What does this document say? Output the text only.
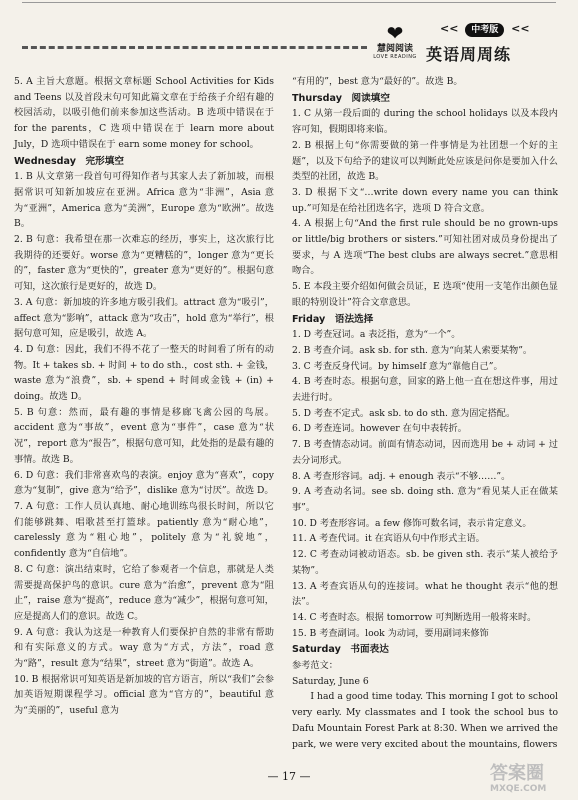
❤
慧阅阅读
LOVE READING
<< 中考版 <<
英语周周练

5. A 主旨大意题。根据文章标题 School Activities for Kids and Teens 以及首段末句可知此篇文章在于给孩子介绍有趣的校园活动，以吸引他们前来参加这些活动。B 选项中错误在于 for the parents，C 选项中错误在于 learn more about July，D 选项中错误在于 earn some money for school。

Wednesday　完形填空

1. B 从文章第一段首句可得知作者与其家人去了新加坡，而根据常识可知新加坡应在亚洲。Africa 意为“非洲”，Asia 意为“亚洲”，America 意为“美洲”，Europe 意为“欧洲”。故选 B。

2. B 句意：我希望在那一次难忘的经历，事实上，这次旅行比我期待的还要好。worse 意为“更糟糕的”，longer 意为“更长的”，faster 意为“更快的”，greater 意为“更好的”。根据句意可知，这次旅行是更好的，故选 D。

3. A 句意：新加坡的许多地方吸引我们。attract 意为“吸引”，affect 意为“影响”，attack 意为“攻击”，hold 意为“举行”，根据句意可知，应是吸引，故选 A。

4. D 句意：因此，我们不得不花了一整天的时间看了所有的动物。It + takes sb. + 时间 + to do sth.，cost sth. + 金钱，waste 意为“浪费”，sb. + spend + 时间或金钱 + (in) + doing。故选 D。

5. B 句意：然而，最有趣的事情是移廊飞禽公园的鸟展。accident 意为“事故”，event 意为“事件”，case 意为“状况”，report 意为“报告”，根据句意可知，此处指的是最有趣的事情。故选 B。

6. D 句意：我们非常喜欢鸟的表演。enjoy 意为“喜欢”，copy 意为“复制”，give 意为“给予”，dislike 意为“讨厌”。故选 D。

7. A 句意：工作人员认真地、耐心地训练鸟很长时间，所以它们能够跳舞、唱歌甚至打篮球。patiently 意为“耐心地”，carelessly 意为“粗心地”，politely 意为“礼貌地”，confidently 意为“自信地”。

8. C 句意：演出结束时，它给了参观者一个信息，那就是人类需要提高保护鸟的意识。cure 意为“治愈”，prevent 意为“阻止”，raise 意为“提高”，reduce 意为“减少”，根据句意可知，应是提高人们的意识。故选 C。

9. A 句意：我认为这是一种教育人们要保护自然的非常有帮助和有实际意义的方式。way 意为“方式，方法”，road 意为“路”，result 意为“结果”，street 意为“街道”。故选 A。

10. B 根据常识可知英语是新加坡的官方语言，所以“我们”会参加英语短期课程学习。official 意为“官方的”，beautiful 意为“美丽的”，useful 意为

“有用的”，best 意为“最好的”。故选 B。

Thursday　阅读填空

1. C 从第一段后面的 during the school holidays 以及本段内容可知，假期即将来临。

2. B 根据上句“你需要做的第一件事情是为社团想一个好的主题”，以及下句给予的建议可以判断此处应该是问你是要加入什么类型的社团，故选 B。

3. D 根据下文“…write down every name you can think up.”可知是在给社团选名字，选项 D 符合文意。

4. A 根据上句“And the first rule should be no grown-ups or little/big brothers or sisters.”可知社团对成员身份提出了要求，与 A 选项“The best clubs are always secret.”意思相吻合。

5. E 本段主要介绍如何做会员证，E 选项“使用一支笔作出颜色显眼的特别设计”符合文章意思。

Friday　语法选择

1. D 考查冠词。a 表泛指，意为“一个”。

2. B 考查介词。ask sb. for sth. 意为“向某人索要某物”。

3. C 考查反身代词。by himself 意为“靠他自己”。

4. B 考查时态。根据句意，回家的路上他一直在想这件事，用过去进行时。

5. D 考查不定式。ask sb. to do sth. 意为固定搭配。

6. D 考查连词。however 在句中表转折。

7. B 考查情态动词。前面有情态动词，因而选用 be + 动词 + 过去分词形式。

8. A 考查形容词。adj. + enough 表示“不够……”。

9. A 考查动名词。see sb. doing sth. 意为“看见某人正在做某事”。

10. D 考查形容词。a few 修饰可数名词，表示肯定意义。

11. A 考查代词。it 在宾语从句中作形式主语。

12. C 考查动词被动语态。sb. be given sth. 表示“某人被给予某物”。

13. A 考查宾语从句的连接词。what he thought 表示“他的想法”。

14. C 考查时态。根据 tomorrow 可判断选用一般将来时。

15. B 考查副词。look 为动词，要用副词来修饰

Saturday　书面表达

参考范文：

Saturday, June 6

I had a good time today. This morning I got to school very early. My classmates and I took the school bus to Dafu Mountain Forest Park at 8:30. When we arrived the park, we were very excited about the mountains, flowers

— 17 —	答案圈
MXQE.COM
